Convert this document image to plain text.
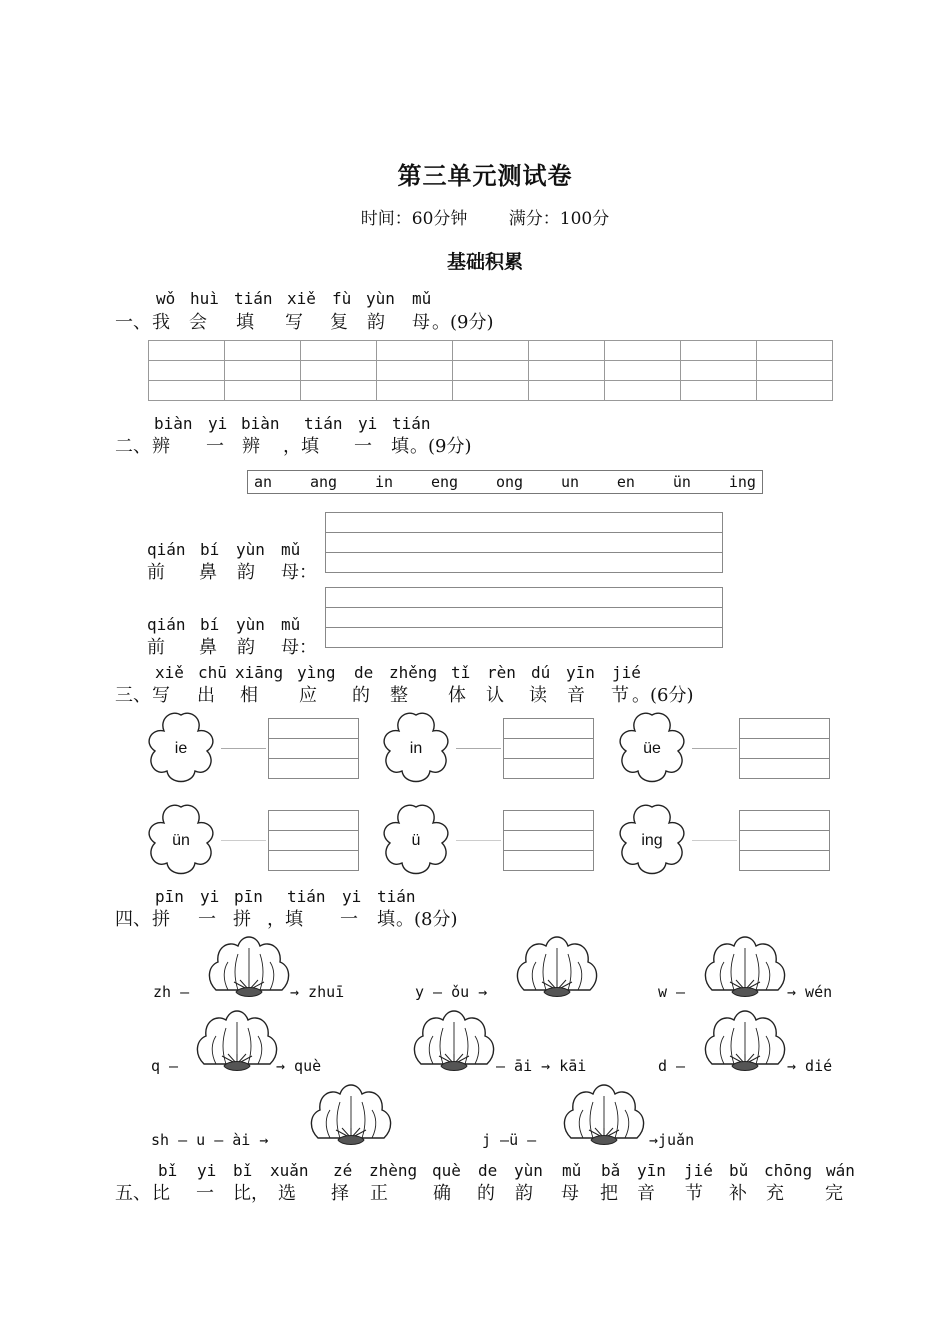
第三单元测试卷
时间：60分钟 满分：100分
基础积累
wǒ huì tián xiě fù yùn mǔ
一、 我 会 填 写 复 韵 母 。(9分)

biàn yi biàn tián yi tián
二、 辨 一 辨 ，填 一 填 。(9分)
an	ang	in	eng	ong	un	en	ün	ing
qián bí yùn mǔ
前 鼻 韵 母：
qián bí yùn mǔ
前 鼻 韵 母：
xiě chū xiāng yìng de zhěng tǐ rèn dú yīn jié
三、 写 出 相 应 的 整 体 认 读 音 节 。(6分)
ie	in	üe
ün	ü	ing
pīn yi pīn tián yi tián
四、 拼 一 拼 ，填 一 填 。(8分)
zh —	→ zhuī	y — ǒu →	w —	→ wén
q —	→ què	— āi → kāi	d —	→ dié
sh — u — ài →	j —ü —	→juǎn
bǐ yi bǐ xuǎn zé zhèng què de yùn mǔ bǎ yīn jié bǔ chōng wán
五、 比 一 比， 选 择 正	确 的 韵 母 把 音 节 补 充 完
